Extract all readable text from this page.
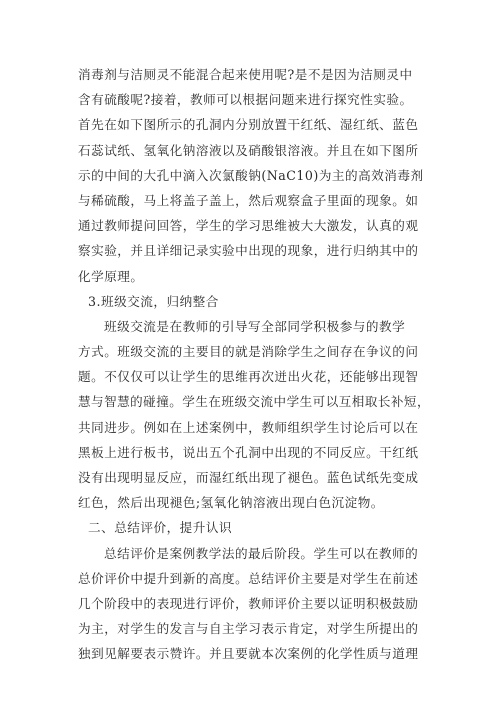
消毒剂与洁厕灵不能混合起来使用呢?是不是因为洁厕灵中
含有硫酸呢?接着，教师可以根据问题来进行探究性实验。
首先在如下图所示的孔洞内分别放置干红纸、湿红纸、蓝色
石蕊试纸、氢氧化钠溶液以及硝酸银溶液。并且在如下图所
示的中间的大孔中滴入次氯酸钠(NaC10)为主的高效消毒剂
与稀硫酸，马上将盖子盖上，然后观察盒子里面的现象。如
通过教师提问回答，学生的学习思维被大大激发，认真的观
察实验，并且详细记录实验中出现的现象，进行归纳其中的
化学原理。
3.班级交流，归纳整合
班级交流是在教师的引导写全部同学积极参与的教学
方式。班级交流的主要目的就是消除学生之间存在争议的问
题。不仅仅可以让学生的思维再次迸出火花，还能够出现智
慧与智慧的碰撞。学生在班级交流中学生可以互相取长补短，
共同进步。例如在上述案例中，教师组织学生讨论后可以在
黑板上进行板书，说出五个孔洞中出现的不同反应。干红纸
没有出现明显反应，而湿红纸出现了褪色。蓝色试纸先变成
红色，然后出现褪色;氢氧化钠溶液出现白色沉淀物。
二、总结评价，提升认识
总结评价是案例教学法的最后阶段。学生可以在教师的
总价评价中提升到新的高度。总结评价主要是对学生在前述
几个阶段中的表现进行评价，教师评价主要以证明积极鼓励
为主，对学生的发言与自主学习表示肯定，对学生所提出的
独到见解要表示赞许。并且要就本次案例的化学性质与道理
